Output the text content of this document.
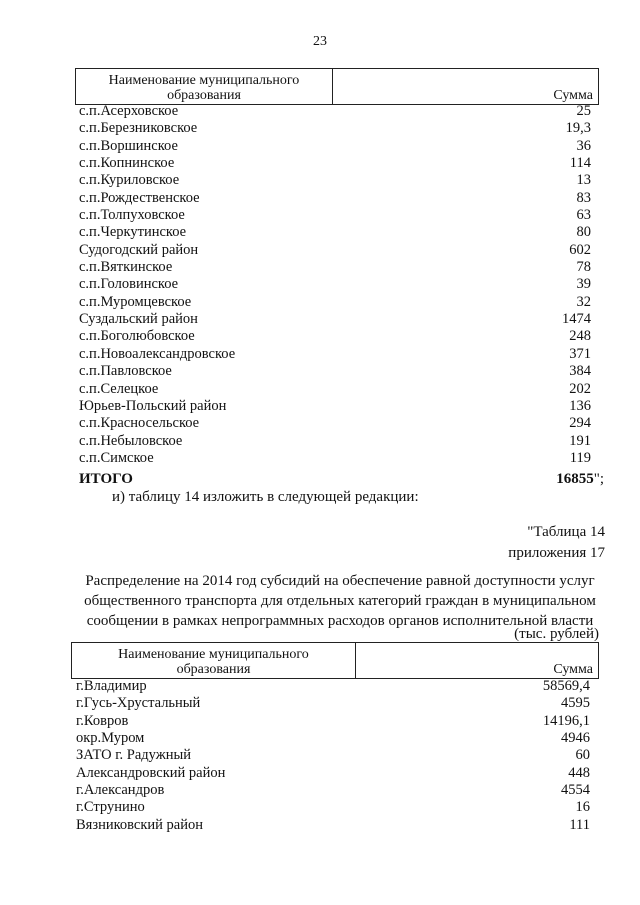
23
Наименование муниципального
образования	Сумма
с.п.Асерховское	25
с.п.Березниковское	19,3
с.п.Воршинское	36
с.п.Копнинское	114
с.п.Куриловское	13
с.п.Рождественское	83
с.п.Толпуховское	63
с.п.Черкутинское	80
Судогодский район	602
с.п.Вяткинское	78
с.п.Головинское	39
с.п.Муромцевское	32
Суздальский район	1474
с.п.Боголюбовское	248
с.п.Новоалександровское	371
с.п.Павловское	384
с.п.Селецкое	202
Юрьев-Польский район	136
с.п.Красносельское	294
с.п.Небыловское	191
с.п.Симское	119
ИТОГО	16855";
и) таблицу 14 изложить в следующей редакции:
"Таблица 14
приложения 17
Распределение на 2014 год субсидий на обеспечение равной доступности услуг
общественного транспорта для отдельных категорий граждан в муниципальном
сообщении в рамках непрограммных расходов органов исполнительной власти
(тыс. рублей)
Наименование муниципального
образования	Сумма
г.Владимир	58569,4
г.Гусь-Хрустальный	4595
г.Ковров	14196,1
окр.Муром	4946
ЗАТО г. Радужный	60
Александровский район	448
г.Александров	4554
г.Струнино	16
Вязниковский район	111
